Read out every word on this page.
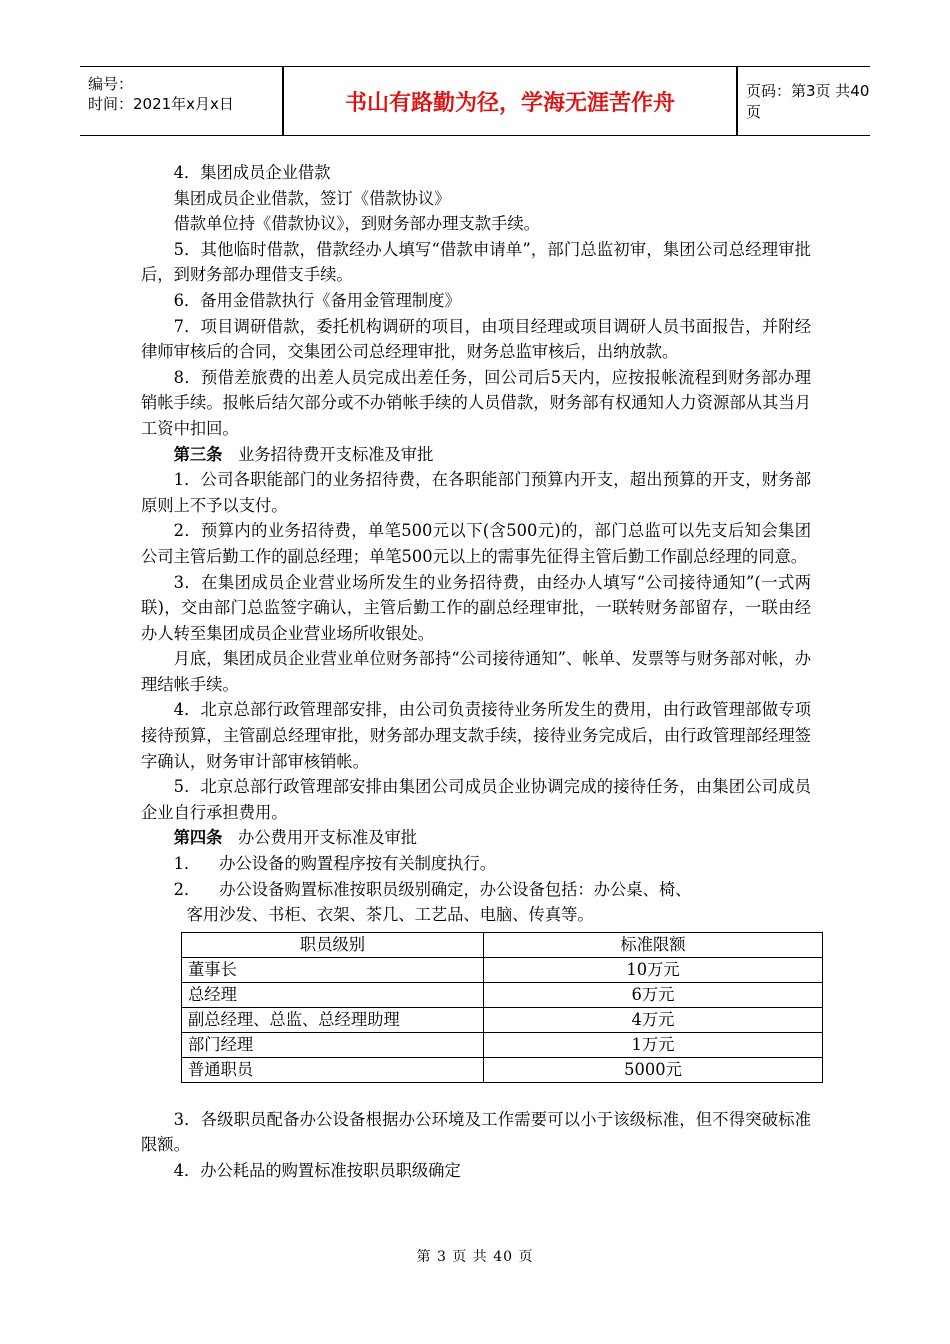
编号：
时间：2021年x月x日	书山有路勤为径，学海无涯苦作舟	页码：第3页 共40页

4．集团成员企业借款

集团成员企业借款，签订《借款协议》

借款单位持《借款协议》，到财务部办理支款手续。

5．其他临时借款，借款经办人填写“借款申请单”，部门总监初审，集团公司总经理审批后，到财务部办理借支手续。

6．备用金借款执行《备用金管理制度》

7．项目调研借款，委托机构调研的项目，由项目经理或项目调研人员书面报告，并附经律师审核后的合同，交集团公司总经理审批，财务总监审核后，出纳放款。

8．预借差旅费的出差人员完成出差任务，回公司后5天内，应按报帐流程到财务部办理销帐手续。报帐后结欠部分或不办销帐手续的人员借款，财务部有权通知人力资源部从其当月工资中扣回。

第三条 业务招待费开支标准及审批

1．公司各职能部门的业务招待费，在各职能部门预算内开支，超出预算的开支，财务部原则上不予以支付。

2．预算内的业务招待费，单笔500元以下(含500元)的，部门总监可以先支后知会集团公司主管后勤工作的副总经理；单笔500元以上的需事先征得主管后勤工作副总经理的同意。

3．在集团成员企业营业场所发生的业务招待费，由经办人填写“公司接待通知”(一式两联)，交由部门总监签字确认，主管后勤工作的副总经理审批，一联转财务部留存，一联由经办人转至集团成员企业营业场所收银处。

月底，集团成员企业营业单位财务部持“公司接待通知”、帐单、发票等与财务部对帐，办理结帐手续。

4．北京总部行政管理部安排，由公司负责接待业务所发生的费用，由行政管理部做专项接待预算，主管副总经理审批，财务部办理支款手续，接待业务完成后，由行政管理部经理签字确认，财务审计部审核销帐。

5．北京总部行政管理部安排由集团公司成员企业协调完成的接待任务，由集团公司成员企业自行承担费用。

第四条 办公费用开支标准及审批

1． 办公设备的购置程序按有关制度执行。

2． 办公设备购置标准按职员级别确定，办公设备包括：办公桌、椅、

客用沙发、书柜、衣架、茶几、工艺品、电脑、传真等。

职员级别	标准限额
董事长	10万元
总经理	6万元
副总经理、总监、总经理助理	4万元
部门经理	1万元
普通职员	5000元

3．各级职员配备办公设备根据办公环境及工作需要可以小于该级标准，但不得突破标准限额。

4．办公耗品的购置标准按职员职级确定

第 3 页 共 40 页
